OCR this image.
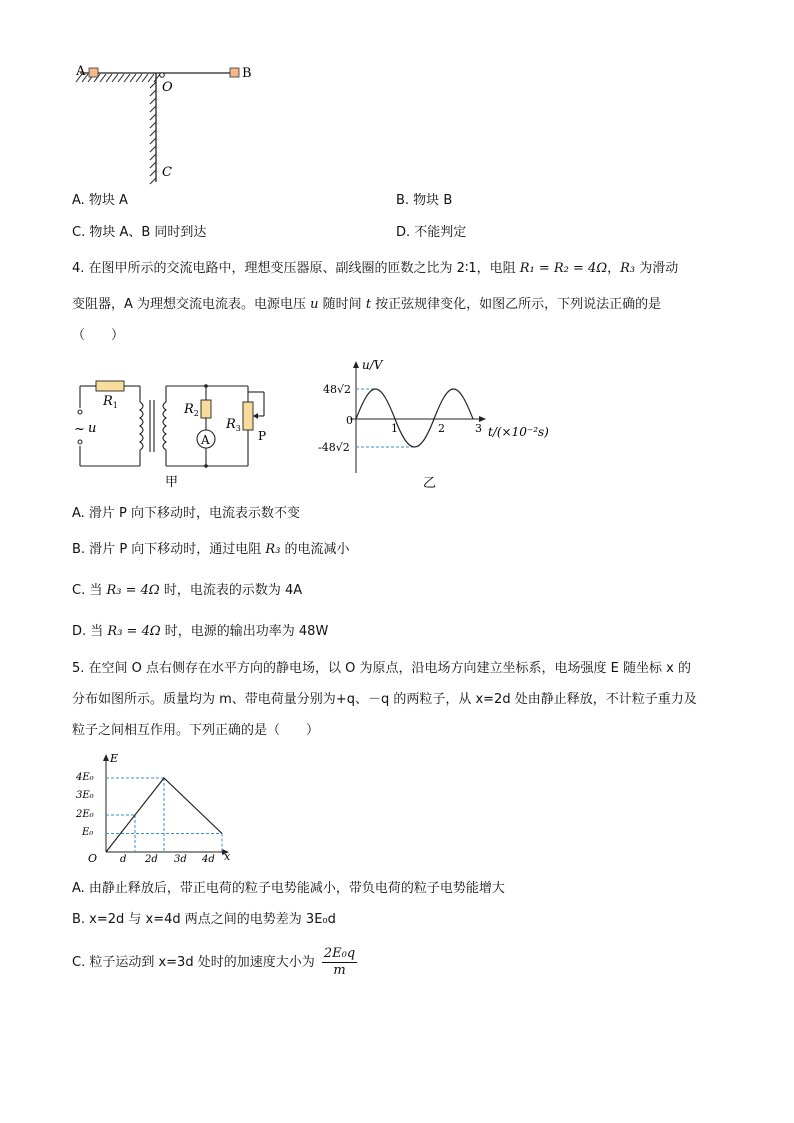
A	B
O
C
A. 物块 A	B. 物块 B
C. 物块 A、B 同时到达	D. 不能判定
4. 在图甲所示的交流电路中，理想变压器原、副线圈的匝数之比为 2∶1，电阻 R₁ = R₂ = 4Ω，R₃ 为滑动
变阻器，A 为理想交流电流表。电源电压 u 随时间 t 按正弦规律变化，如图乙所示，下列说法正确的是
（　　）
A
$R_1$	$R_2$
$R_3$
P
~ u
甲
u/V
48√2
0
-48√2
1	2	3 t/(×10⁻²s)
乙
A. 滑片 P 向下移动时，电流表示数不变
B. 滑片 P 向下移动时，通过电阻 R₃ 的电流减小
C. 当 R₃ = 4Ω 时，电流表的示数为 4A
D. 当 R₃ = 4Ω 时，电源的输出功率为 48W
5. 在空间 O 点右侧存在水平方向的静电场，以 O 为原点，沿电场方向建立坐标系，电场强度 E 随坐标 x 的
分布如图所示。质量均为 m、带电荷量分别为+q、－q 的两粒子，从 x=2d 处由静止释放，不计粒子重力及
粒子之间相互作用。下列正确的是（　　）
E
x
O
4E₀
3E₀
2E₀
E₀
d 2d 3d 4d
A. 由静止释放后，带正电荷的粒子电势能减小，带负电荷的粒子电势能增大
B. x=2d 与 x=4d 两点之间的电势差为 3E₀d
C. 粒子运动到 x=3d 处时的加速度大小为 $\frac{\text{2E₀q}}{m}$
